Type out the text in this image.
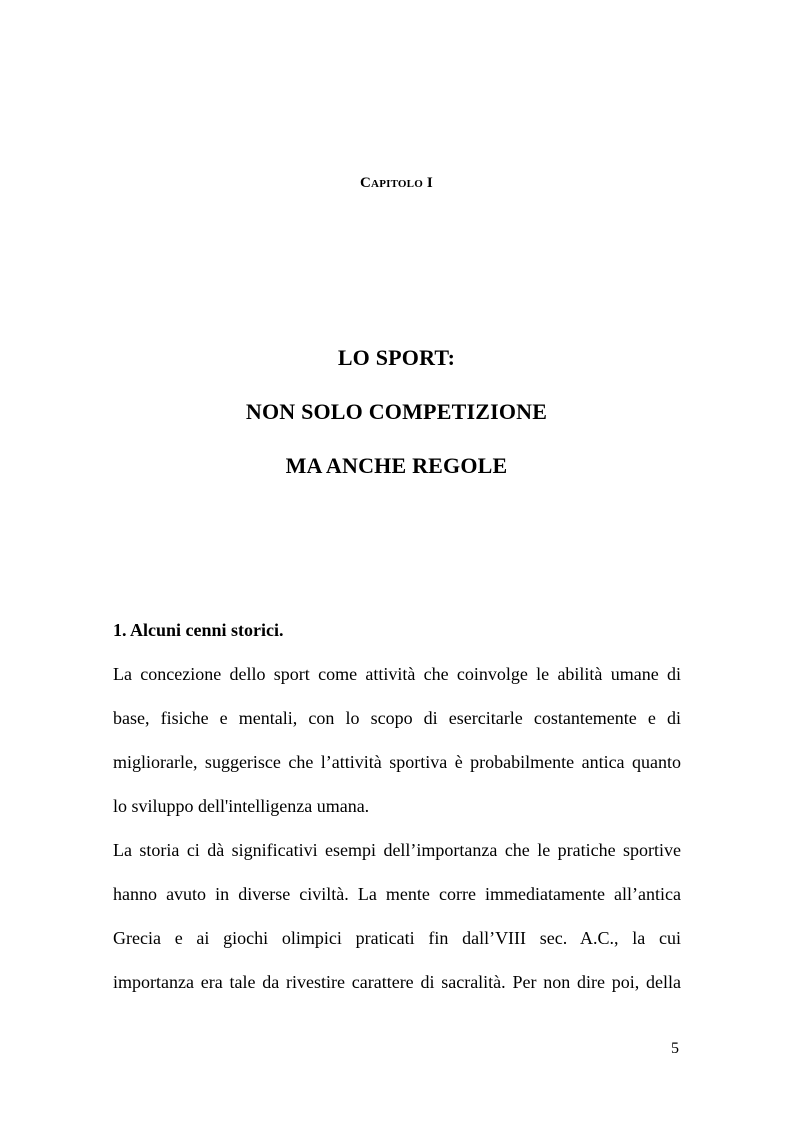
Capitolo I
LO SPORT:
NON SOLO COMPETIZIONE
MA ANCHE REGOLE
1. Alcuni cenni storici.
La concezione dello sport come attività che coinvolge le abilità umane di
base, fisiche e mentali, con lo scopo di esercitarle costantemente e di
migliorarle, suggerisce che l’attività sportiva è probabilmente antica quanto
lo sviluppo dell'intelligenza umana.
La storia ci dà significativi esempi dell’importanza che le pratiche sportive
hanno avuto in diverse civiltà. La mente corre immediatamente all’antica
Grecia e ai giochi olimpici praticati fin dall’VIII sec. A.C., la cui
importanza era tale da rivestire carattere di sacralità. Per non dire poi, della
5
